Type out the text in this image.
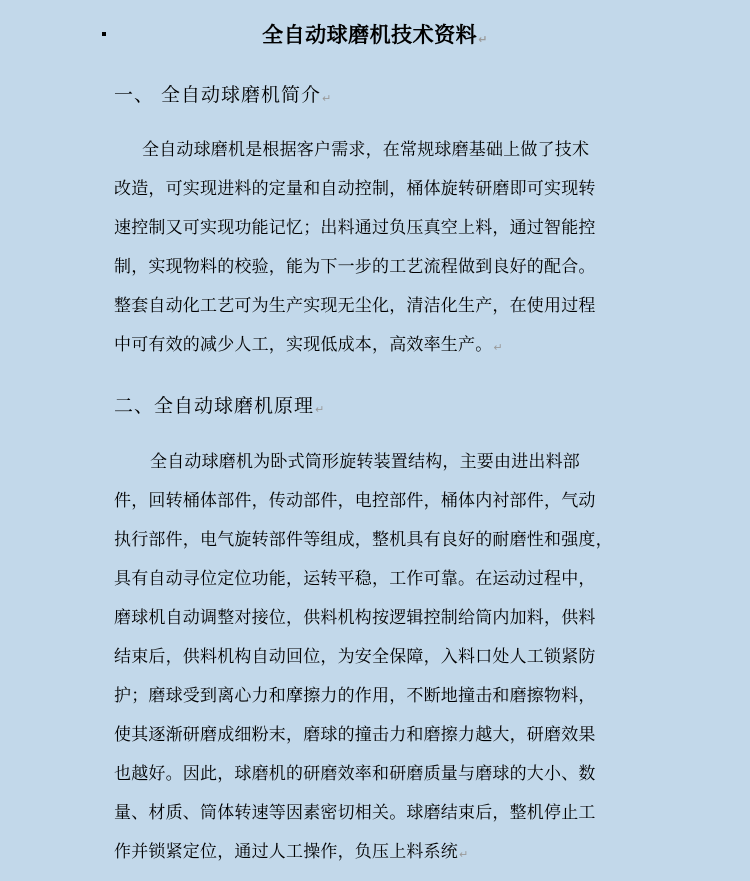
全自动球磨机技术资料↵
一、 全自动球磨机简介↵

全自动球磨机是根据客户需求，在常规球磨基础上做了技术

改造，可实现进料的定量和自动控制，桶体旋转研磨即可实现转

速控制又可实现功能记忆；出料通过负压真空上料，通过智能控

制，实现物料的校验，能为下一步的工艺流程做到良好的配合。

整套自动化工艺可为生产实现无尘化，清洁化生产，在使用过程

中可有效的减少人工，实现低成本，高效率生产。↵

二、全自动球磨机原理↵

全自动球磨机为卧式筒形旋转装置结构，主要由进出料部

件，回转桶体部件，传动部件，电控部件，桶体内衬部件，气动

执行部件，电气旋转部件等组成，整机具有良好的耐磨性和强度，

具有自动寻位定位功能，运转平稳，工作可靠。在运动过程中，

磨球机自动调整对接位，供料机构按逻辑控制给筒内加料，供料

结束后，供料机构自动回位，为安全保障，入料口处人工锁紧防

护；磨球受到离心力和摩擦力的作用，不断地撞击和磨擦物料，

使其逐渐研磨成细粉末，磨球的撞击力和磨擦力越大，研磨效果

也越好。因此，球磨机的研磨效率和研磨质量与磨球的大小、数

量、材质、筒体转速等因素密切相关。球磨结束后，整机停止工

作并锁紧定位，通过人工操作，负压上料系统↵
